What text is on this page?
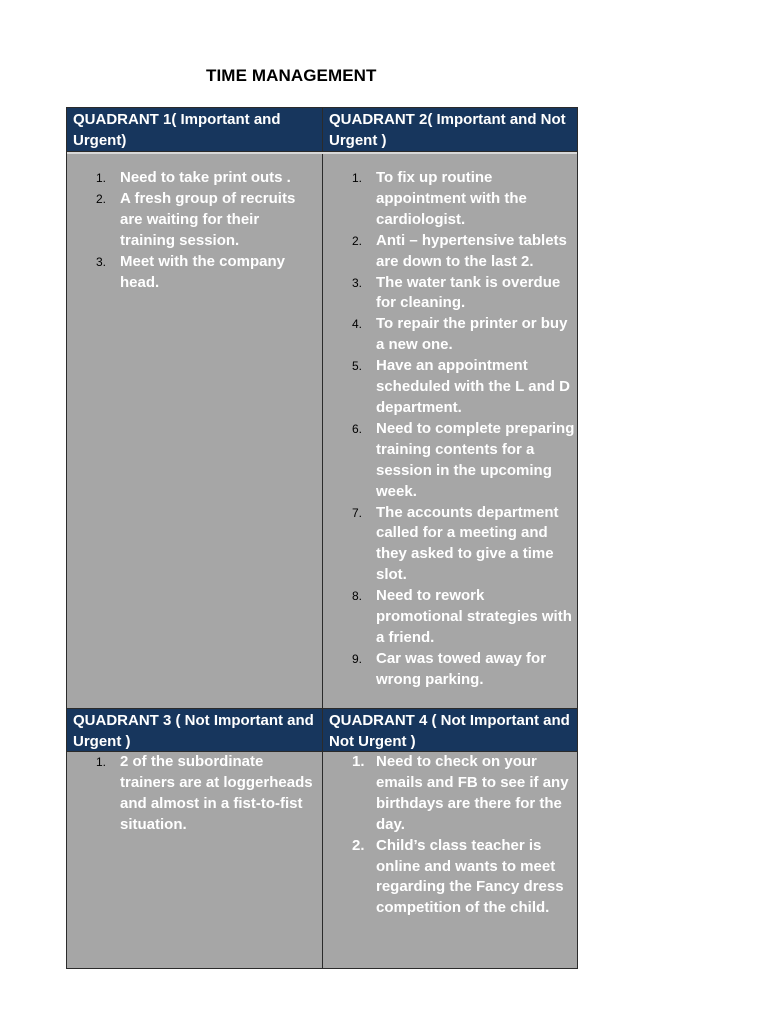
TIME MANAGEMENT
QUADRANT 1( Important and Urgent)
1. Need to take print outs .
2. A fresh group of recruits are waiting for their training session.
3. Meet with the company head.
QUADRANT 2( Important and Not Urgent )
1. To fix up routine appointment with the cardiologist.
2. Anti – hypertensive tablets are down to the last 2.
3. The water tank is overdue for cleaning.
4. To repair the printer or buy a new one.
5. Have an appointment scheduled with the L and D department.
6. Need to complete preparing training contents for a session in the upcoming week.
7. The accounts department called for a meeting and they asked to give a time slot.
8. Need to rework promotional strategies with a friend.
9. Car was towed away for wrong parking.
QUADRANT 3 ( Not Important and Urgent )
1. 2 of the subordinate trainers are at loggerheads and almost in a fist-to-fist situation.
QUADRANT 4 ( Not Important and Not Urgent )
1. Need to check on your emails and FB to see if any birthdays are there for the day.
2. Child’s class teacher is online and wants to meet regarding the Fancy dress competition of the child.
